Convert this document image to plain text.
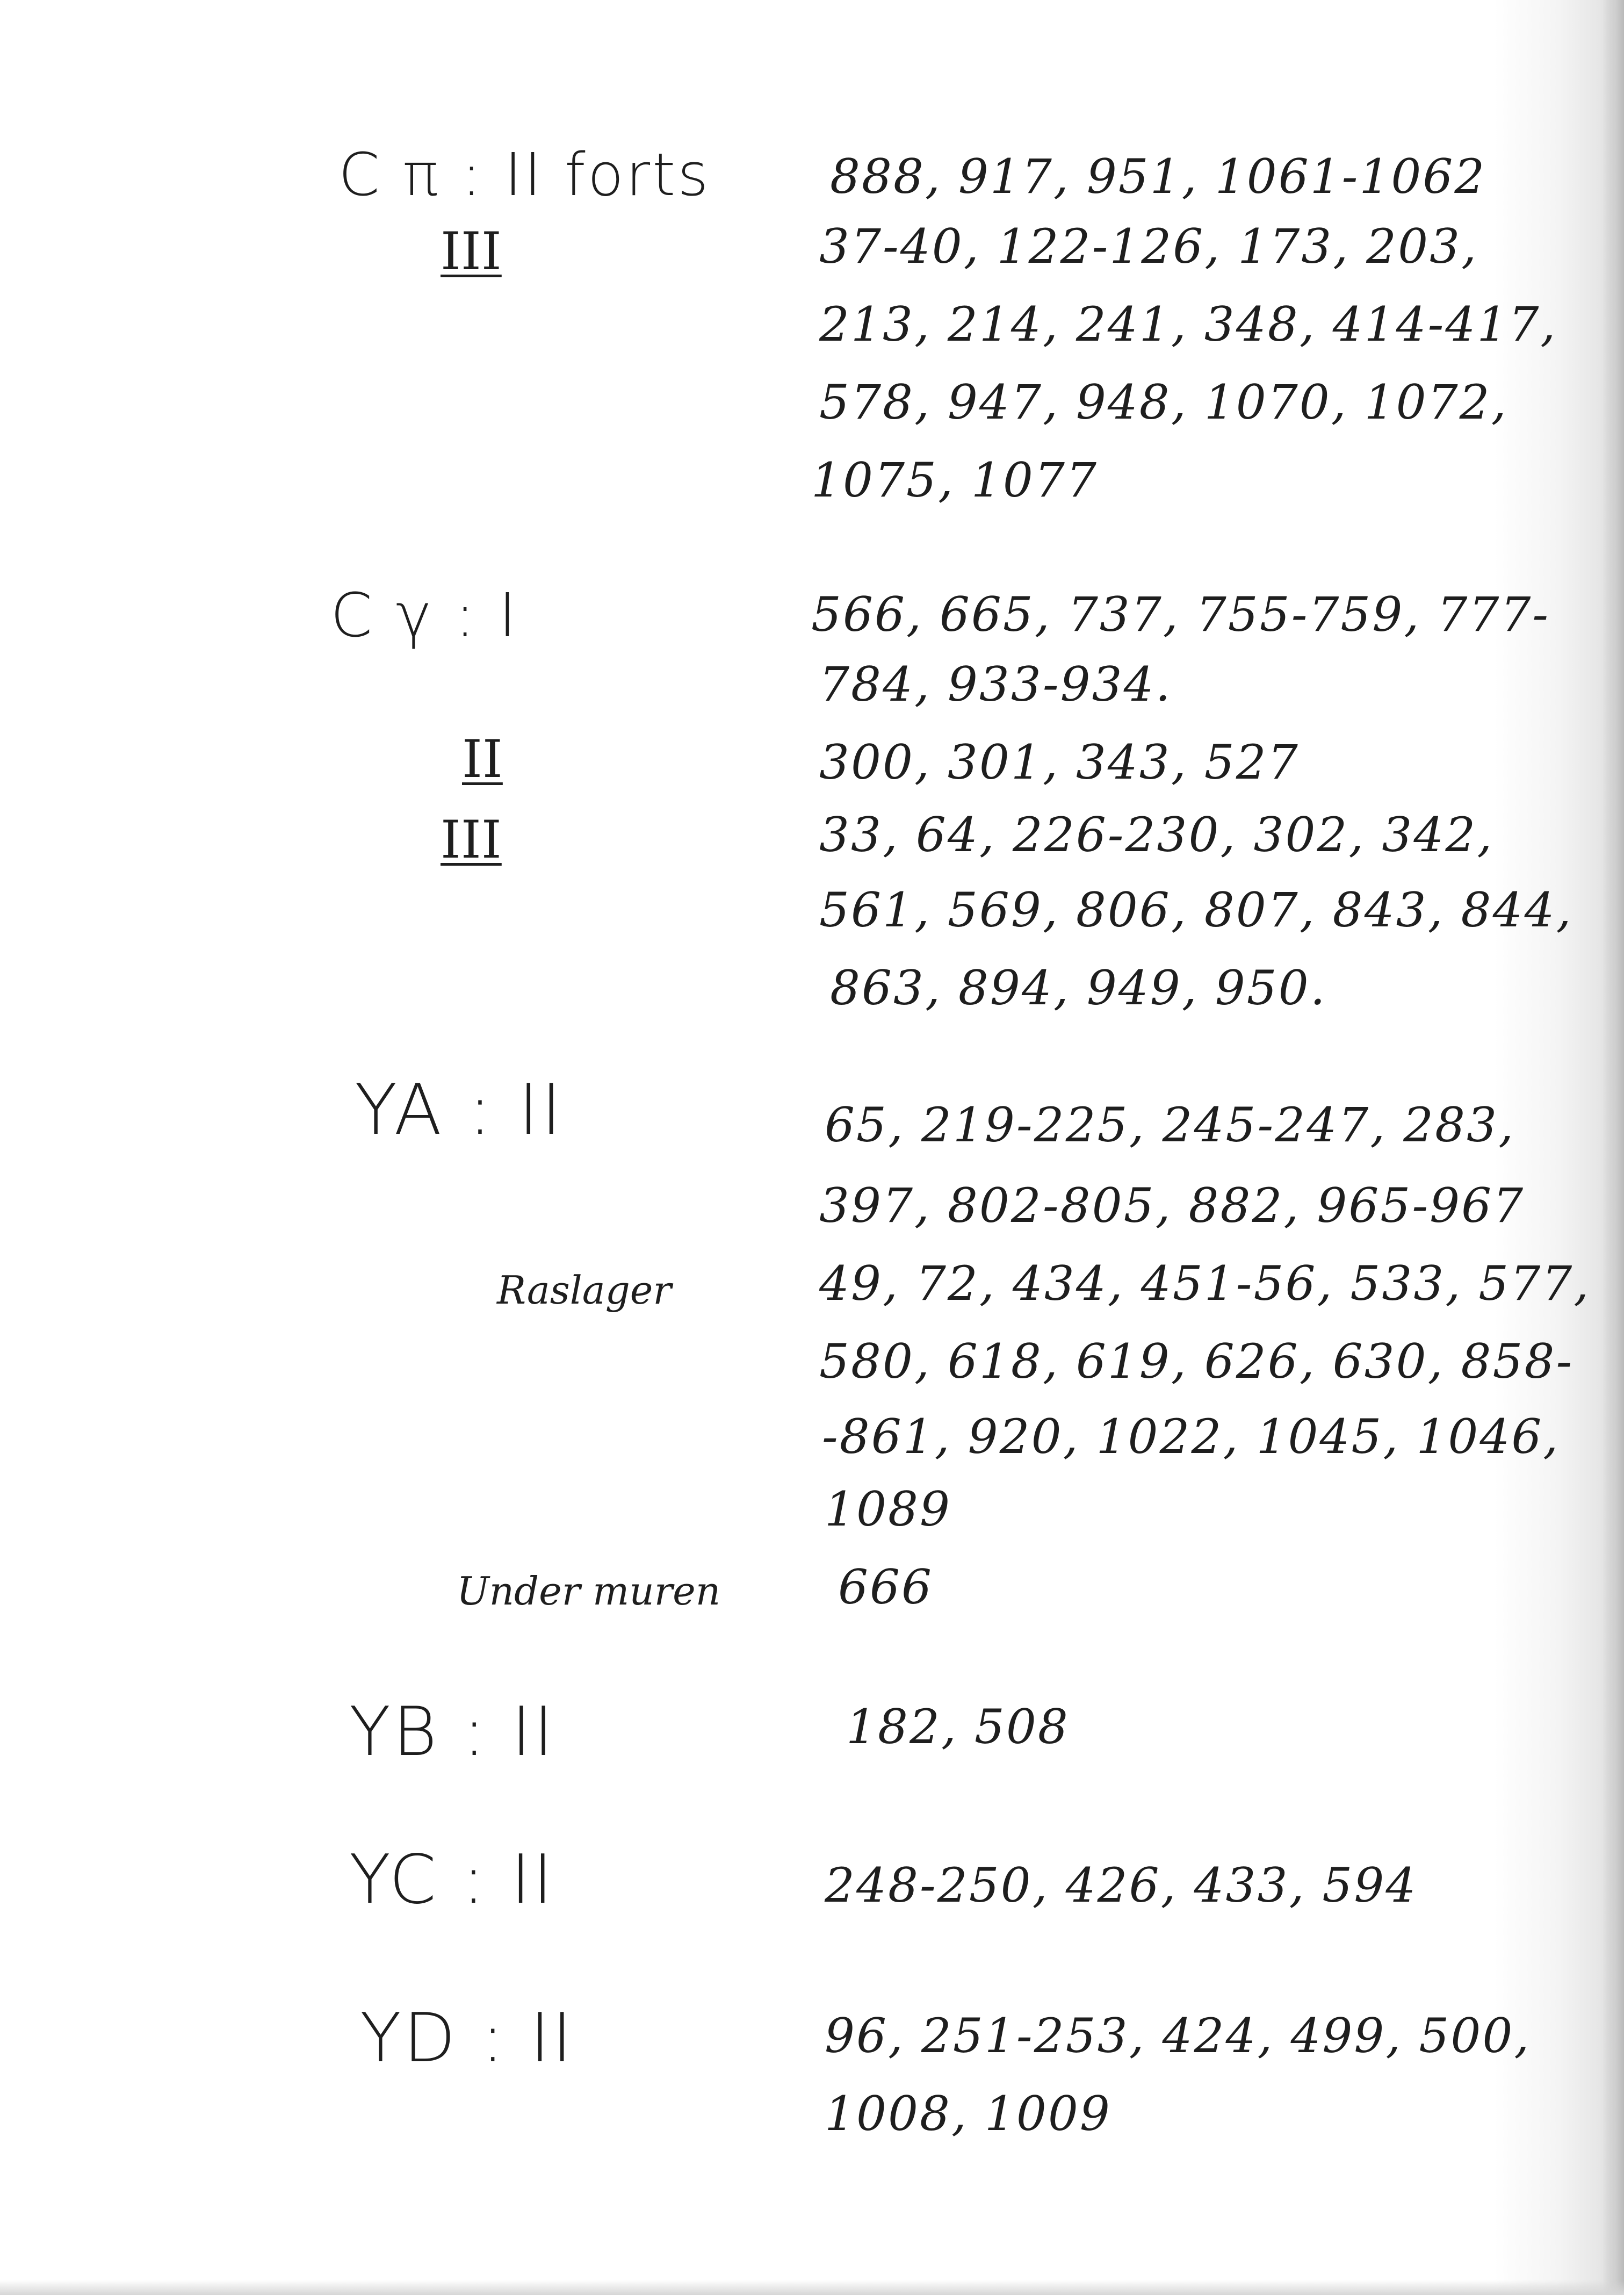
C π : II forts	888, 917, 951, 1061-1062
III	37-40, 122-126, 173, 203,
213, 214, 241, 348, 414-417,
578, 947, 948, 1070, 1072,
1075, 1077
C γ : I	566, 665, 737, 755-759, 777-
784, 933-934.
II	300, 301, 343, 527
III	33, 64, 226-230, 302, 342,
561, 569, 806, 807, 843, 844,
863, 894, 949, 950.
YA : II	65, 219-225, 245-247, 283,
397, 802-805, 882, 965-967
Raslager	49, 72, 434, 451-56, 533, 577,
580, 618, 619, 626, 630, 858-
-861, 920, 1022, 1045, 1046,
1089
Under muren 666
YB : II	182, 508
YC : II	248-250, 426, 433, 594
YD : II	96, 251-253, 424, 499, 500,
1008, 1009
